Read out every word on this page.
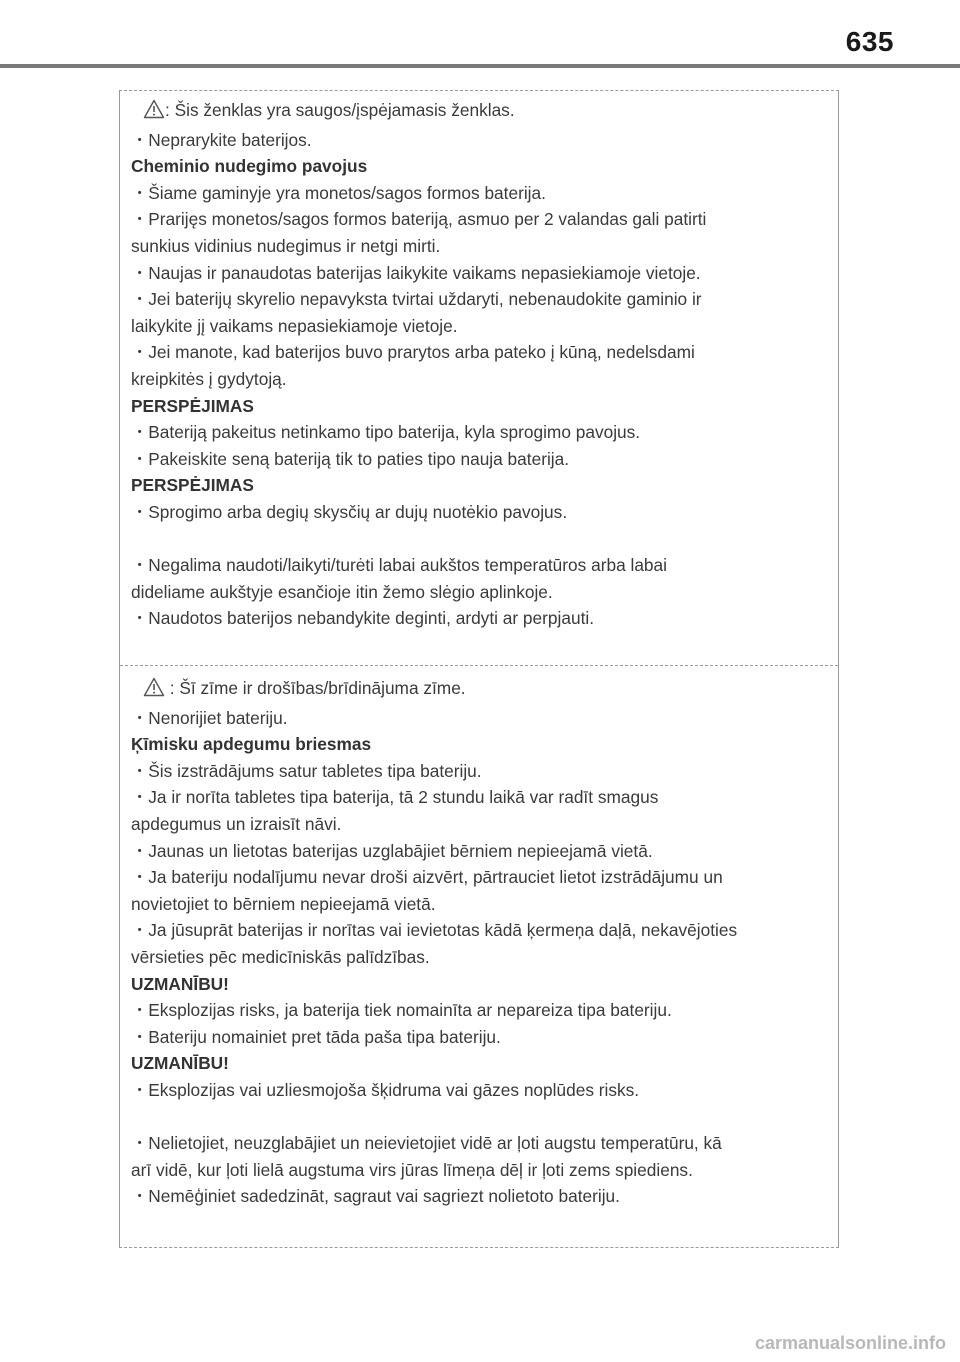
635
: Šis ženklas yra saugos/įspėjamasis ženklas.
・Neprarykite baterijos.
Cheminio nudegimo pavojus
・Šiame gaminyje yra monetos/sagos formos baterija.
・Prarijęs monetos/sagos formos bateriją, asmuo per 2 valandas gali patirti
sunkius vidinius nudegimus ir netgi mirti.
・Naujas ir panaudotas baterijas laikykite vaikams nepasiekiamoje vietoje.
・Jei baterijų skyrelio nepavyksta tvirtai uždaryti, nebenaudokite gaminio ir
laikykite jį vaikams nepasiekiamoje vietoje.
・Jei manote, kad baterijos buvo prarytos arba pateko į kūną, nedelsdami
kreipkitės į gydytoją.
PERSPĖJIMAS
・Bateriją pakeitus netinkamo tipo baterija, kyla sprogimo pavojus.
・Pakeiskite seną bateriją tik to paties tipo nauja baterija.
PERSPĖJIMAS
・Sprogimo arba degių skysčių ar dujų nuotėkio pavojus.
・Negalima naudoti/laikyti/turėti labai aukštos temperatūros arba labai
dideliame aukštyje esančioje itin žemo slėgio aplinkoje.
・Naudotos baterijos nebandykite deginti, ardyti ar perpjauti.
: Šī zīme ir drošības/brīdinājuma zīme.
・Nenorijiet bateriju.
Ķīmisku apdegumu briesmas
・Šis izstrādājums satur tabletes tipa bateriju.
・Ja ir norīta tabletes tipa baterija, tā 2 stundu laikā var radīt smagus
apdegumus un izraisīt nāvi.
・Jaunas un lietotas baterijas uzglabājiet bērniem nepieejamā vietā.
・Ja bateriju nodalījumu nevar droši aizvērt, pārtrauciet lietot izstrādājumu un
novietojiet to bērniem nepieejamā vietā.
・Ja jūsuprāt baterijas ir norītas vai ievietotas kādā ķermeņa daļā, nekavējoties
vērsieties pēc medicīniskās palīdzības.
UZMANĪBU!
・Eksplozijas risks, ja baterija tiek nomainīta ar nepareiza tipa bateriju.
・Bateriju nomainiet pret tāda paša tipa bateriju.
UZMANĪBU!
・Eksplozijas vai uzliesmojoša šķidruma vai gāzes noplūdes risks.
・Nelietojiet, neuzglabājiet un neievietojiet vidē ar ļoti augstu temperatūru, kā
arī vidē, kur ļoti lielā augstuma virs jūras līmeņa dēļ ir ļoti zems spiediens.
・Nemēģiniet sadedzināt, sagraut vai sagriezt nolietoto bateriju.
carmanualsonline.info
